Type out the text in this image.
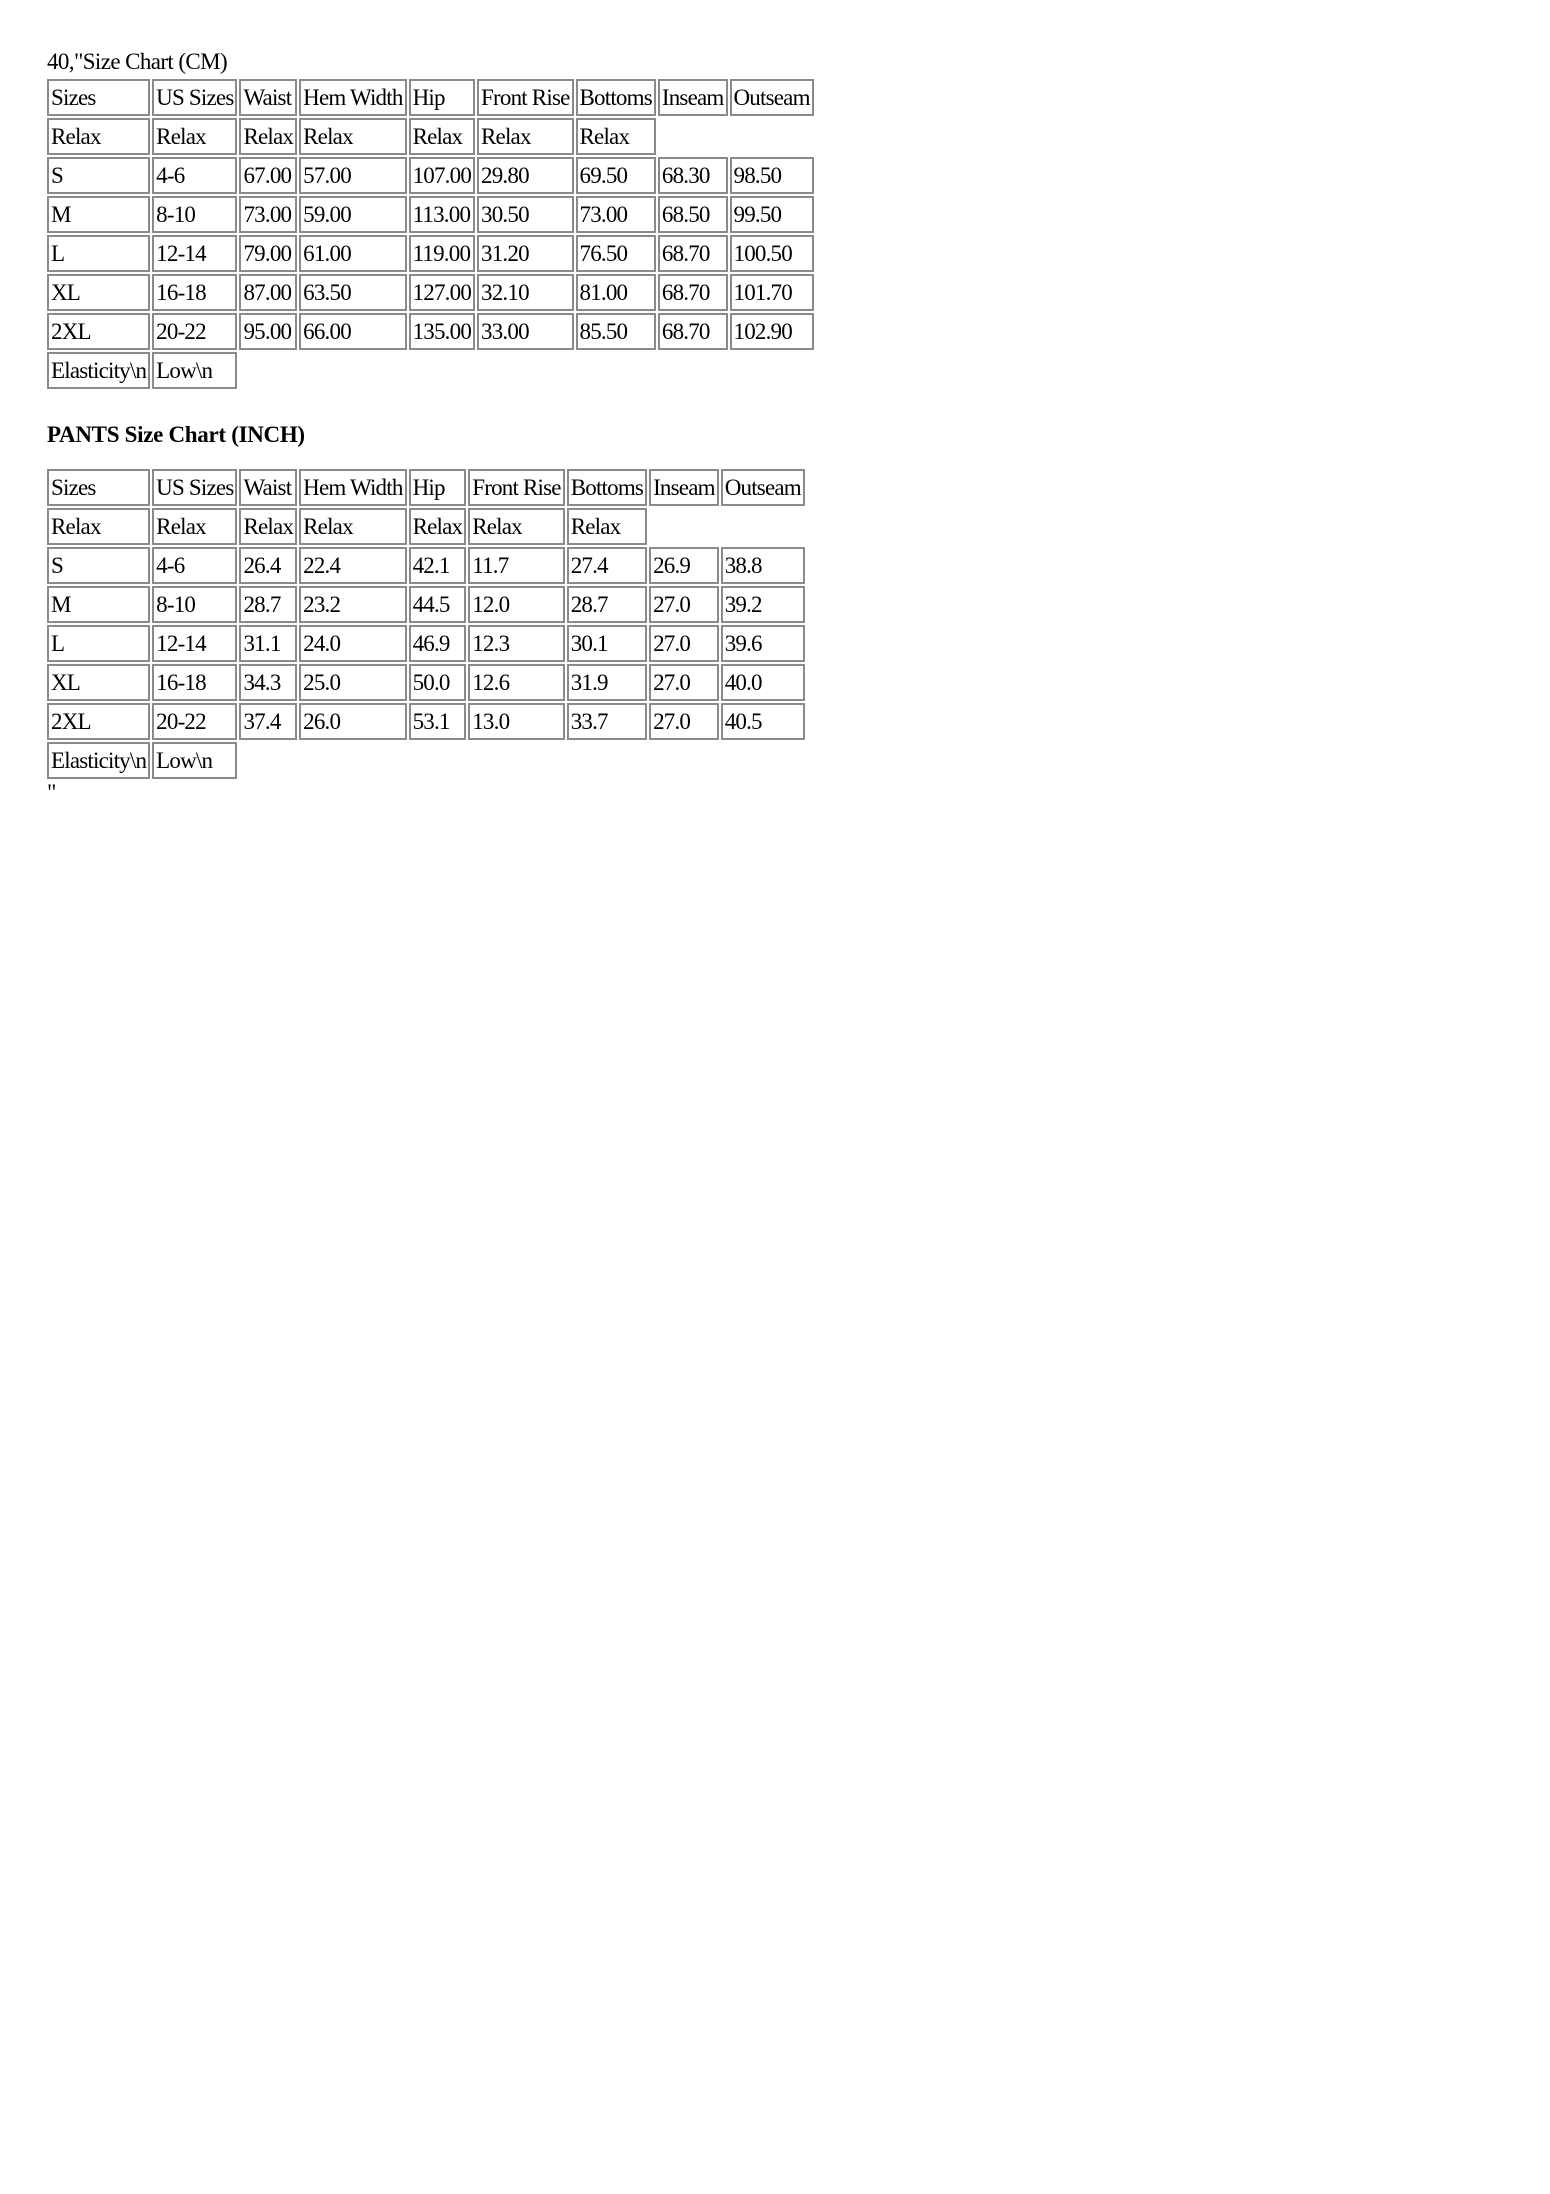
40,"Size Chart (CM)
Sizes	US Sizes	Waist	Hem Width	Hip	Front Rise	Bottoms	Inseam	Outseam
Relax	Relax	Relax	Relax	Relax	Relax	Relax		
S	4-6	67.00	57.00	107.00	29.80	69.50	68.30	98.50
M	8-10	73.00	59.00	113.00	30.50	73.00	68.50	99.50
L	12-14	79.00	61.00	119.00	31.20	76.50	68.70	100.50
XL	16-18	87.00	63.50	127.00	32.10	81.00	68.70	101.70
2XL	20-22	95.00	66.00	135.00	33.00	85.50	68.70	102.90
Elasticity\n	Low\n							
PANTS Size Chart (INCH)
Sizes	US Sizes	Waist	Hem Width	Hip	Front Rise	Bottoms	Inseam	Outseam
Relax	Relax	Relax	Relax	Relax	Relax	Relax		
S	4-6	26.4	22.4	42.1	11.7	27.4	26.9	38.8
M	8-10	28.7	23.2	44.5	12.0	28.7	27.0	39.2
L	12-14	31.1	24.0	46.9	12.3	30.1	27.0	39.6
XL	16-18	34.3	25.0	50.0	12.6	31.9	27.0	40.0
2XL	20-22	37.4	26.0	53.1	13.0	33.7	27.0	40.5
Elasticity\n	Low\n							
"
